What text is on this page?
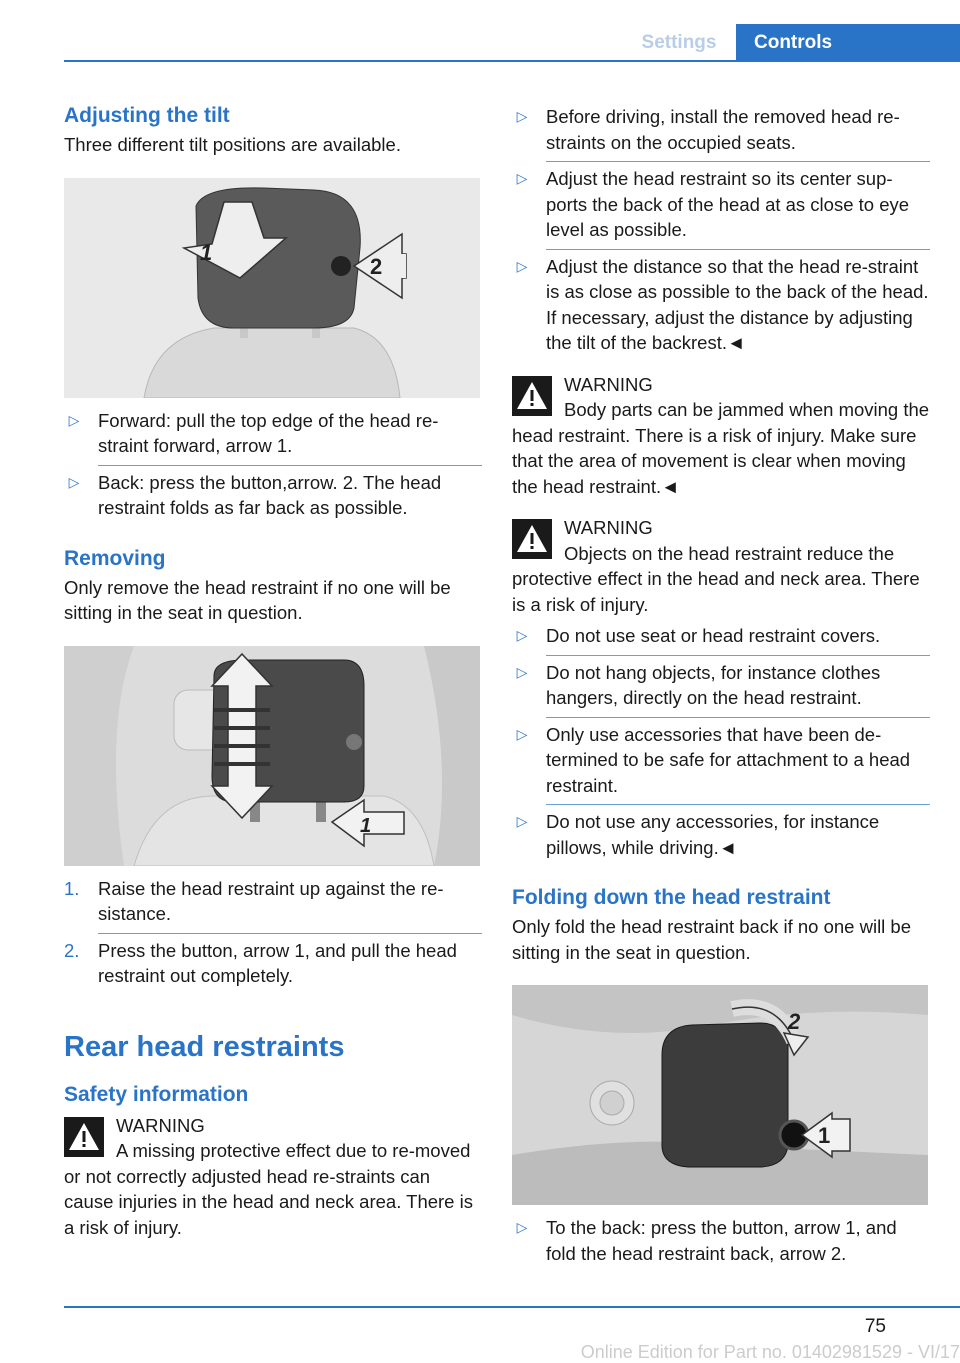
Settings	Controls
Adjusting the tilt

Three different tilt positions are available.

1
2
▷ Forward: pull the top edge of the head re-straint forward, arrow 1.
▷ Back: press the button,arrow. 2. The head restraint folds as far back as possible.
Removing

Only remove the head restraint if no one will be sitting in the seat in question.

1
1.	Raise the head restraint up against the re-sistance.
2.	Press the button, arrow 1, and pull the head restraint out completely.
Rear head restraints
Safety information
WARNING
A missing protective effect due to re-moved or not correctly adjusted head re-straints can cause injuries in the head and neck area. There is a risk of injury.
▷ Before driving, install the removed head re-straints on the occupied seats.
▷ Adjust the head restraint so its center sup-ports the back of the head at as close to eye level as possible.
▷ Adjust the distance so that the head re-straint is as close as possible to the back of the head. If necessary, adjust the distance by adjusting the tilt of the backrest.◄
WARNING
Body parts can be jammed when moving the head restraint. There is a risk of injury. Make sure that the area of movement is clear when moving the head restraint.◄
WARNING
Objects on the head restraint reduce the protective effect in the head and neck area. There is a risk of injury.
▷ Do not use seat or head restraint covers.
▷ Do not hang objects, for instance clothes hangers, directly on the head restraint.
▷ Only use accessories that have been de-termined to be safe for attachment to a head restraint.
▷ Do not use any accessories, for instance pillows, while driving.◄
Folding down the head restraint

Only fold the head restraint back if no one will be sitting in the seat in question.

2
1
▷ To the back: press the button, arrow 1, and fold the head restraint back, arrow 2.
75
Online Edition for Part no. 01402981529 - VI/17
